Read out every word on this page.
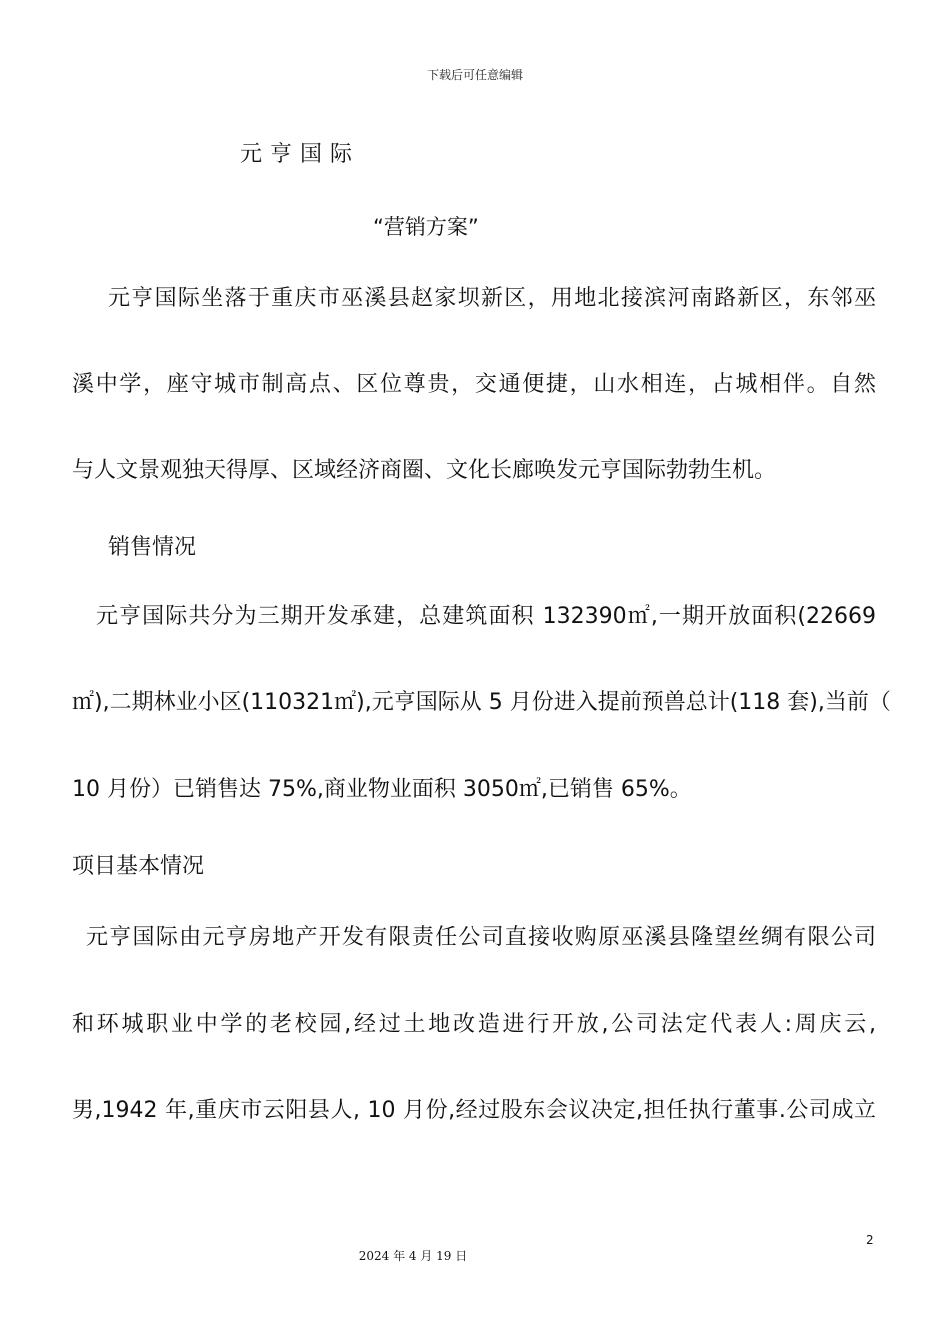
下载后可任意编辑
元亨国际
“营销方案”
元亨国际坐落于重庆市巫溪县赵家坝新区，用地北接滨河南路新区，东邻巫
溪中学，座守城市制高点、区位尊贵，交通便捷，山水相连，占城相伴。自然
与人文景观独天得厚、区域经济商圈、文化长廊唤发元亨国际勃勃生机。
销售情况
元亨国际共分为三期开发承建，总建筑面积 132390㎡,一期开放面积(22669
㎡),二期林业小区(110321㎡),元亨国际从 5 月份进入提前预兽总计(118 套),当前（
10 月份）已销售达 75%,商业物业面积 3050㎡,已销售 65%。
项目基本情况
元亨国际由元亨房地产开发有限责任公司直接收购原巫溪县隆望丝绸有限公司
和环城职业中学的老校园,经过土地改造进行开放,公司法定代表人:周庆云,
男,1942 年,重庆市云阳县人, 10 月份,经过股东会议决定,担任执行董事.公司成立
2
2024 年 4 月 19 日
